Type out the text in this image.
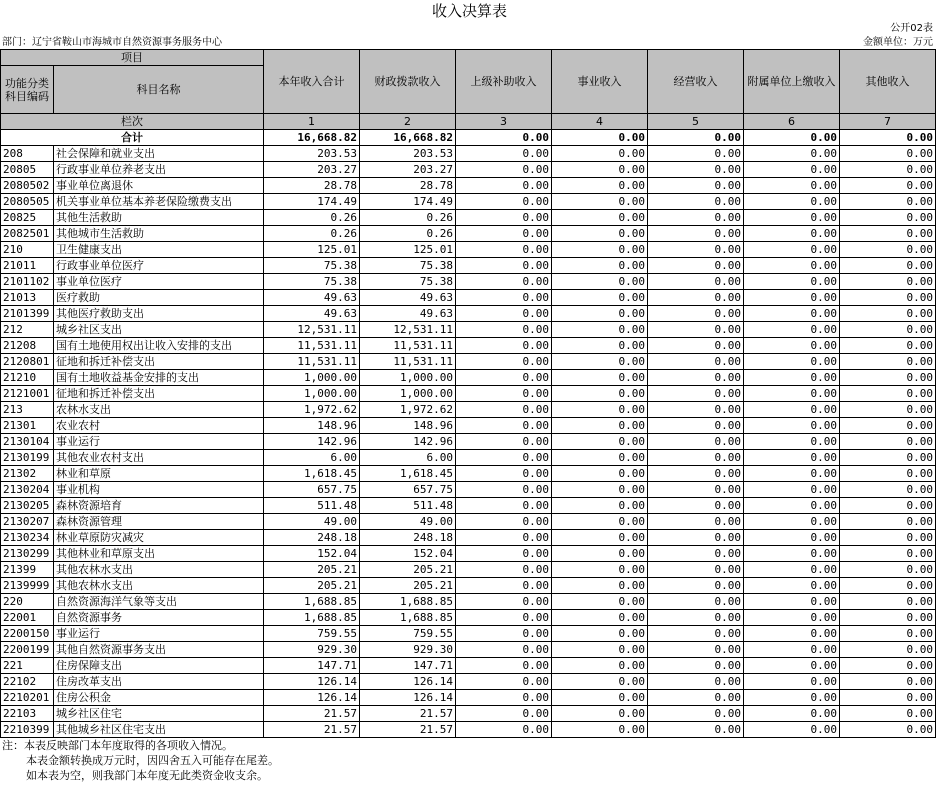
收入决算表
公开02表
部门：辽宁省鞍山市海城市自然资源事务服务中心	金额单位：万元
项目		本年收入合计	财政拨款收入	上级补助收入	事业收入	经营收入	附属单位上缴收入	其他收入
功能分类科目编码	科目名称							

栏次		1	2	3	4	5	6	7
合计		16,668.82	16,668.82	0.00	0.00	0.00	0.00	0.00
208	社会保障和就业支出	203.53	203.53	0.00	0.00	0.00	0.00	0.00
20805	行政事业单位养老支出	203.27	203.27	0.00	0.00	0.00	0.00	0.00
2080502	事业单位离退休	28.78	28.78	0.00	0.00	0.00	0.00	0.00
2080505	机关事业单位基本养老保险缴费支出	174.49	174.49	0.00	0.00	0.00	0.00	0.00
20825	其他生活救助	0.26	0.26	0.00	0.00	0.00	0.00	0.00
2082501	其他城市生活救助	0.26	0.26	0.00	0.00	0.00	0.00	0.00
210	卫生健康支出	125.01	125.01	0.00	0.00	0.00	0.00	0.00
21011	行政事业单位医疗	75.38	75.38	0.00	0.00	0.00	0.00	0.00
2101102	事业单位医疗	75.38	75.38	0.00	0.00	0.00	0.00	0.00
21013	医疗救助	49.63	49.63	0.00	0.00	0.00	0.00	0.00
2101399	其他医疗救助支出	49.63	49.63	0.00	0.00	0.00	0.00	0.00
212	城乡社区支出	12,531.11	12,531.11	0.00	0.00	0.00	0.00	0.00
21208	国有土地使用权出让收入安排的支出	11,531.11	11,531.11	0.00	0.00	0.00	0.00	0.00
2120801	征地和拆迁补偿支出	11,531.11	11,531.11	0.00	0.00	0.00	0.00	0.00
21210	国有土地收益基金安排的支出	1,000.00	1,000.00	0.00	0.00	0.00	0.00	0.00
2121001	征地和拆迁补偿支出	1,000.00	1,000.00	0.00	0.00	0.00	0.00	0.00
213	农林水支出	1,972.62	1,972.62	0.00	0.00	0.00	0.00	0.00
21301	农业农村	148.96	148.96	0.00	0.00	0.00	0.00	0.00
2130104	事业运行	142.96	142.96	0.00	0.00	0.00	0.00	0.00
2130199	其他农业农村支出	6.00	6.00	0.00	0.00	0.00	0.00	0.00
21302	林业和草原	1,618.45	1,618.45	0.00	0.00	0.00	0.00	0.00
2130204	事业机构	657.75	657.75	0.00	0.00	0.00	0.00	0.00
2130205	森林资源培育	511.48	511.48	0.00	0.00	0.00	0.00	0.00
2130207	森林资源管理	49.00	49.00	0.00	0.00	0.00	0.00	0.00
2130234	林业草原防灾减灾	248.18	248.18	0.00	0.00	0.00	0.00	0.00
2130299	其他林业和草原支出	152.04	152.04	0.00	0.00	0.00	0.00	0.00
21399	其他农林水支出	205.21	205.21	0.00	0.00	0.00	0.00	0.00
2139999	其他农林水支出	205.21	205.21	0.00	0.00	0.00	0.00	0.00
220	自然资源海洋气象等支出	1,688.85	1,688.85	0.00	0.00	0.00	0.00	0.00
22001	自然资源事务	1,688.85	1,688.85	0.00	0.00	0.00	0.00	0.00
2200150	事业运行	759.55	759.55	0.00	0.00	0.00	0.00	0.00
2200199	其他自然资源事务支出	929.30	929.30	0.00	0.00	0.00	0.00	0.00
221	住房保障支出	147.71	147.71	0.00	0.00	0.00	0.00	0.00
22102	住房改革支出	126.14	126.14	0.00	0.00	0.00	0.00	0.00
2210201	住房公积金	126.14	126.14	0.00	0.00	0.00	0.00	0.00
22103	城乡社区住宅	21.57	21.57	0.00	0.00	0.00	0.00	0.00
2210399	其他城乡社区住宅支出	21.57	21.57	0.00	0.00	0.00	0.00	0.00
注：本表反映部门本年度取得的各项收入情况。
本表金额转换成万元时，因四舍五入可能存在尾差。
如本表为空，则我部门本年度无此类资金收支余。
